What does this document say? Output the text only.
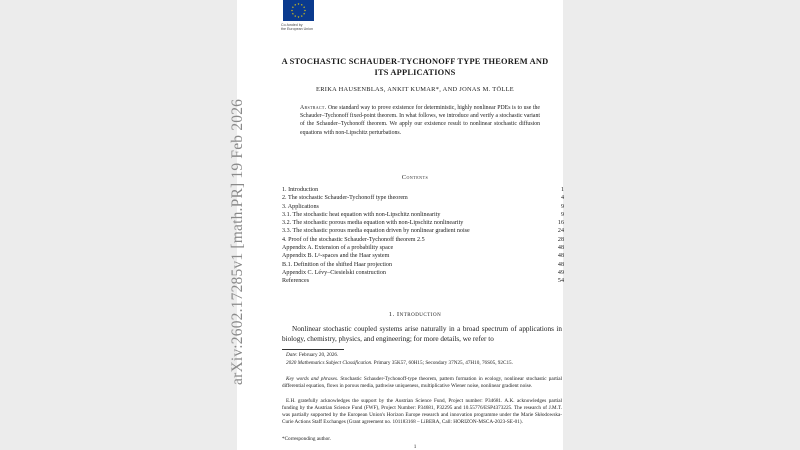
arXiv:2602.17285v1 [math.PR] 19 Feb 2026
Co-funded by
the European Union
A STOCHASTIC SCHAUDER-TYCHONOFF TYPE THEOREM AND
ITS APPLICATIONS
ERIKA HAUSENBLAS, ANKIT KUMAR*, AND JONAS M. TÖLLE
Abstract. One standard way to prove existence for deterministic, highly nonlinear PDEs is to use the Schauder–Tychonoff fixed-point theorem. In what follows, we introduce and verify a stochastic variant of the Schauder–Tychonoff theorem. We apply our existence result to nonlinear stochastic diffusion equations with non-Lipschitz perturbations.
Contents
1. Introduction	1
2. The stochastic Schauder-Tychonoff type theorem	4
3. Applications	9
3.1. The stochastic heat equation with non-Lipschitz nonlinearity	9
3.2. The stochastic porous media equation with non-Lipschitz nonlinearity	16
3.3. The stochastic porous media equation driven by nonlinear gradient noise	24
4. Proof of the stochastic Schauder-Tychonoff theorem 2.5	28
Appendix A. Extension of a probability space	48
Appendix B. Lᵖ-spaces and the Haar system	48
B.1. Definition of the shifted Haar projection	48
Appendix C. Lévy–Ciesielski construction	49
References	54
1. Introduction
Nonlinear stochastic coupled systems arise naturally in a broad spectrum of applications in biology, chemistry, physics, and engineering; for more details, we refer to
Date: February 20, 2026.
2020 Mathematics Subject Classification. Primary 35K57, 60H15; Secondary 37N25, 47H10, 76S05, 92C15.
Key words and phrases. Stochastic Schauder-Tychonoff-type theorem, pattern formation in ecology, nonlinear stochastic partial differential equation, flows in porous media, pathwise uniqueness, multiplicative Wiener noise, nonlinear gradient noise.
E.H. gratefully acknowledges the support by the Austrian Science Fund, Project number: P34681. A.K. acknowledges partial funding by the Austrian Science Fund (FWF), Project Number: P34681, P32295 and 10.55776/ESP4373225. The research of J.M.T. was partially supported by the European Union's Horizon Europe research and innovation programme under the Marie Skłodowska-Curie Actions Staff Exchanges (Grant agreement no. 101183168 – LiBERA, Call: HORIZON-MSCA-2023-SE-01).
*Corresponding author.
1
